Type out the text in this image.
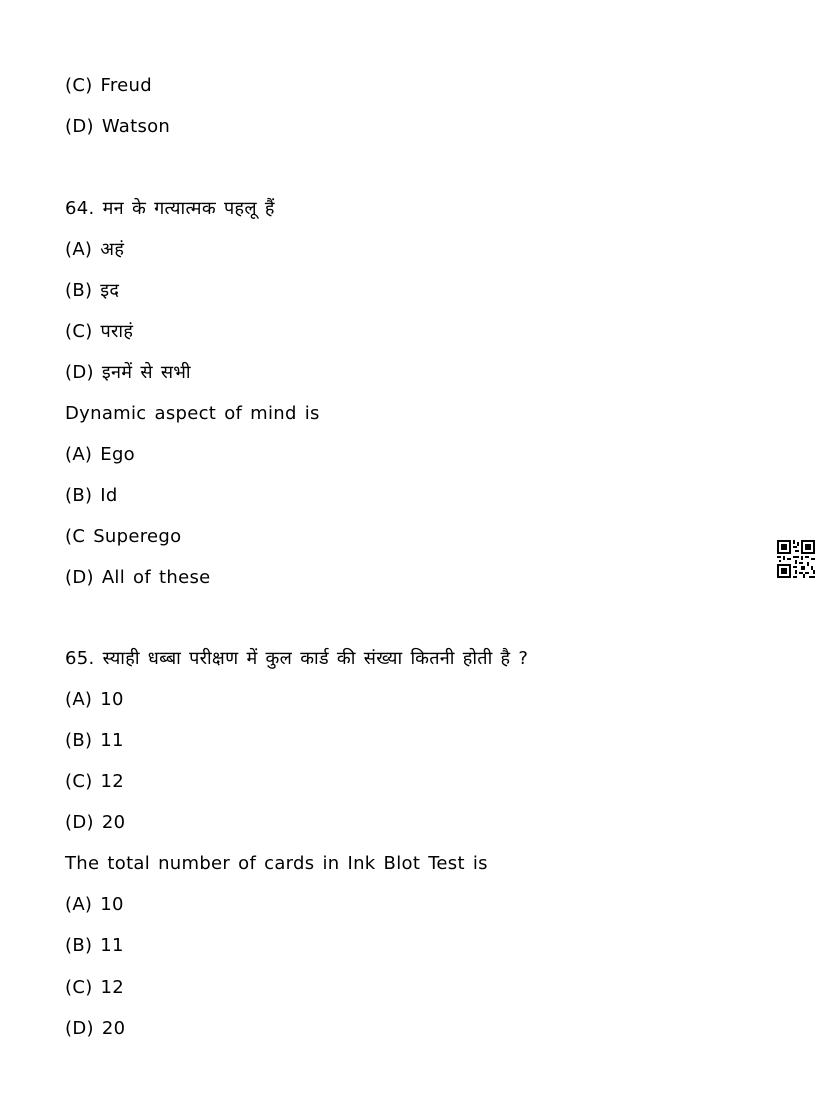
(C) Freud
(D) Watson
64. मन के गत्यात्मक पहलू हैं
(A) अहं
(B) इद
(C) पराहं
(D) इनमें से सभी
Dynamic aspect of mind is
(A) Ego
(B) Id
(C Superego
(D) All of these
65. स्याही धब्बा परीक्षण में कुल कार्ड की संख्या कितनी होती है ?
(A) 10
(B) 11
(C) 12
(D) 20
The total number of cards in Ink Blot Test is
(A) 10
(B) 11
(C) 12
(D) 20
